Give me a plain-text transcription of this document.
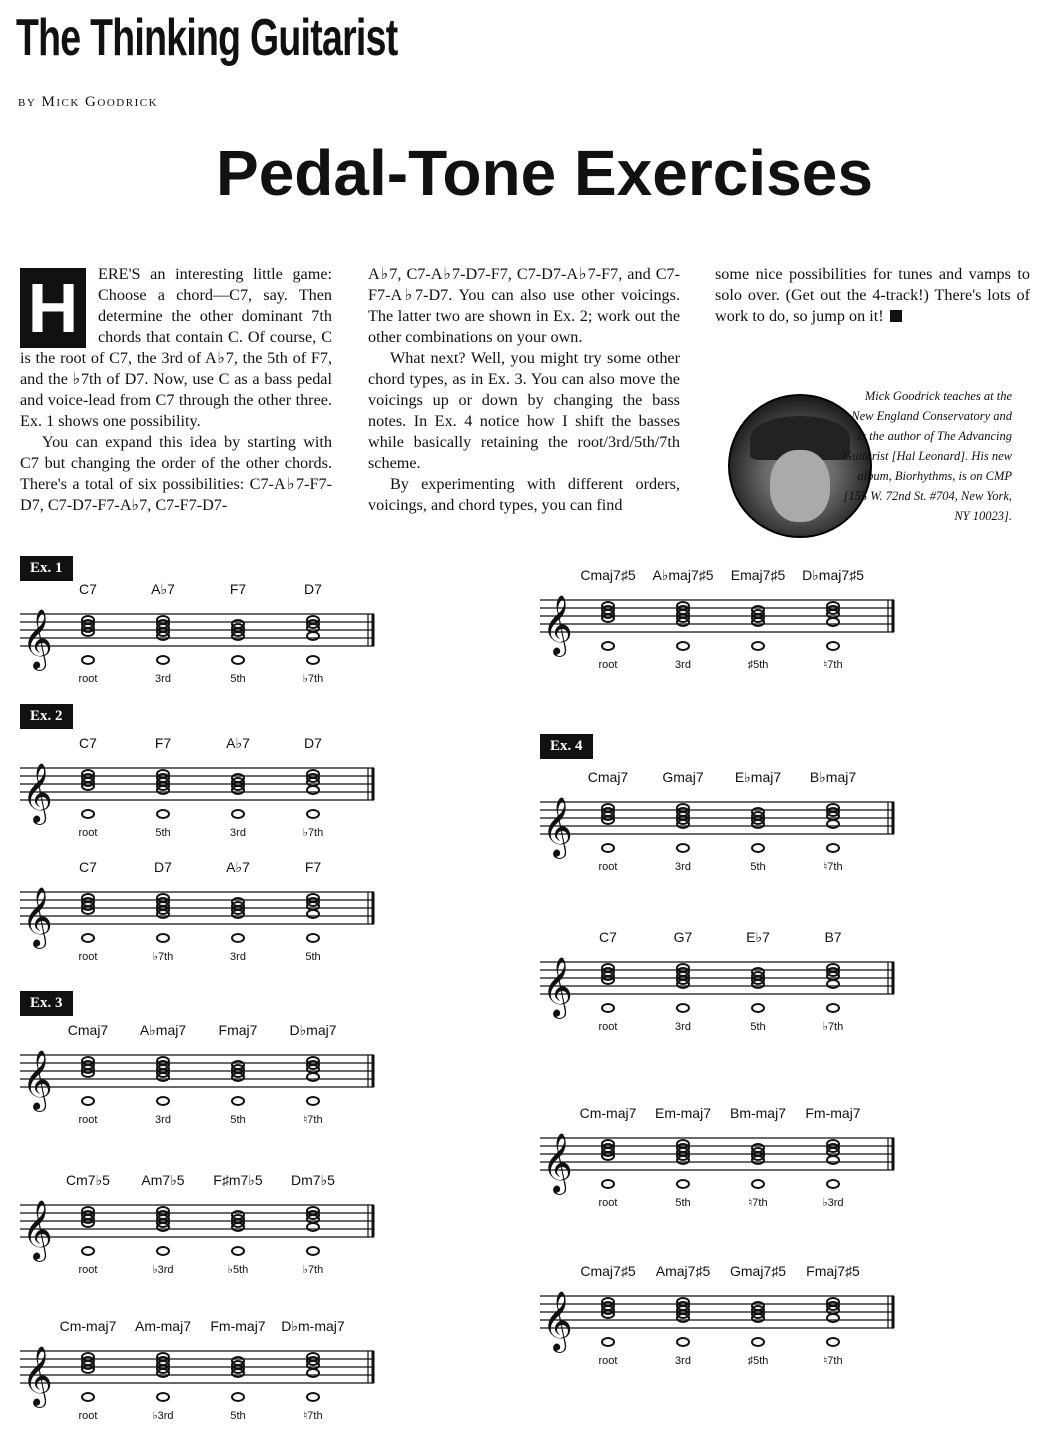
The Thinking Guitarist
by Mick Goodrick
Pedal-Tone Exercises
H	ERE'S an interesting little game: Choose a chord—C7, say. Then determine the other dominant 7th chords that contain C. Of course, C is the root of C7, the 3rd of A♭7, the 5th of F7, and the ♭7th of D7. Now, use C as a bass pedal and voice-lead from C7 through the other three. Ex. 1 shows one possibility.

You can expand this idea by starting with C7 but changing the order of the other chords. There's a total of six possibilities: C7-A♭7-F7-D7, C7-D7-F7-A♭7, C7-F7-D7-

A♭7, C7-A♭7-D7-F7, C7-D7-A♭7-F7, and C7-F7-A♭7-D7. You can also use other voicings. The latter two are shown in Ex. 2; work out the other combinations on your own.

What next? Well, you might try some other chord types, as in Ex. 3. You can also move the voicings up or down by changing the bass notes. In Ex. 4 notice how I shift the basses while basically retaining the root/3rd/5th/7th scheme.

By experimenting with different orders, voicings, and chord types, you can find

some nice possibilities for tunes and vamps to solo over. (Get out the 4-track!) There's lots of work to do, so jump on it!

Mick Goodrick teaches at the New England Conservatory and is the author of The Advancing Guitarist [Hal Leonard]. His new album, Biorhythms, is on CMP [155 W. 72nd St. #704, New York, NY 10023].
Ex. 1
Ex. 2
Ex. 3
Ex. 4
𝄞
C7
root
A♭7
3rd
F7
5th
D7
♭7th
𝄞
C7
root
F7
5th
A♭7
3rd
D7
♭7th
𝄞
C7
root
D7
♭7th
A♭7
3rd
F7
5th
𝄞
Cmaj7
root
A♭maj7
3rd
Fmaj7
5th
D♭maj7
♮7th
𝄞
Cm7♭5
root
Am7♭5
♭3rd
F♯m7♭5
♭5th
Dm7♭5
♭7th
𝄞
Cm-maj7
root
Am-maj7
♭3rd
Fm-maj7
5th
D♭m-maj7
♮7th
𝄞
Cmaj7♯5
root
A♭maj7♯5
3rd
Emaj7♯5
♯5th
D♭maj7♯5
♮7th
𝄞
Cmaj7
root
Gmaj7
3rd
E♭maj7
5th
B♭maj7
♮7th
𝄞
C7
root
G7
3rd
E♭7
5th
B7
♭7th
𝄞
Cm-maj7
root
Em-maj7
5th
Bm-maj7
♮7th
Fm-maj7
♭3rd
𝄞
Cmaj7♯5
root
Amaj7♯5
3rd
Gmaj7♯5
♯5th
Fmaj7♯5
♮7th
